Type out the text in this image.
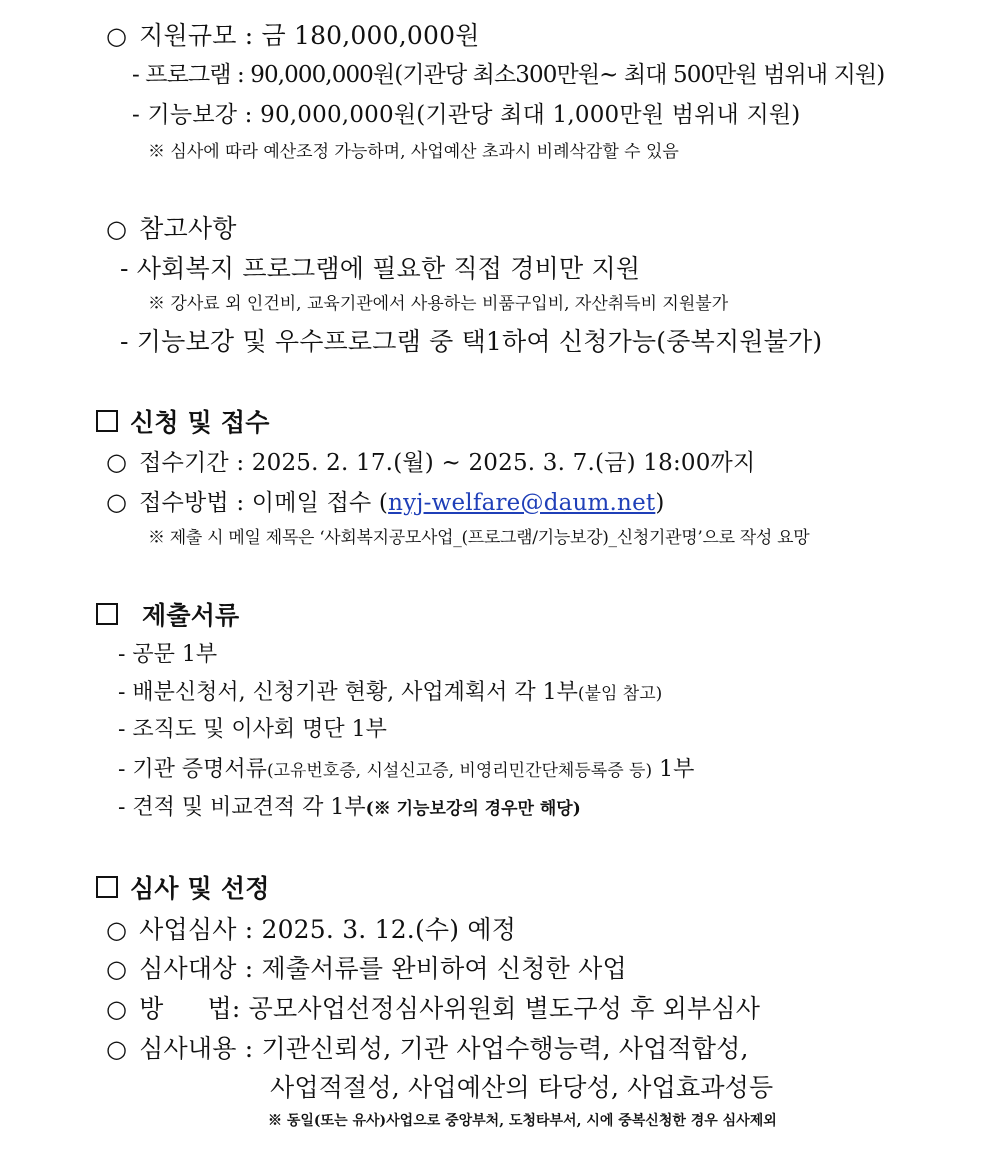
○ 지원규모 : 금 180,000,000원
- 프로그램 : 90,000,000원(기관당 최소300만원~ 최대 500만원 범위내 지원)
- 기능보강 : 90,000,000원(기관당 최대 1,000만원 범위내 지원)
※ 심사에 따라 예산조정 가능하며, 사업예산 초과시 비례삭감할 수 있음
○ 참고사항
- 사회복지 프로그램에 필요한 직접 경비만 지원
※ 강사료 외 인건비, 교육기관에서 사용하는 비품구입비, 자산취득비 지원불가
- 기능보강 및 우수프로그램 중 택1하여 신청가능(중복지원불가)
신청 및 접수
○ 접수기간 : 2025. 2. 17.(월) ~ 2025. 3. 7.(금) 18:00까지
○ 접수방법 : 이메일 접수 (nyj-welfare@daum.net)
※ 제출 시 메일 제목은 ‘사회복지공모사업_(프로그램/기능보강)_신청기관명’으로 작성 요망
제출서류
- 공문 1부
- 배분신청서, 신청기관 현황, 사업계획서 각 1부(붙임 참고)
- 조직도 및 이사회 명단 1부
- 기관 증명서류(고유번호증, 시설신고증, 비영리민간단체등록증 등) 1부
- 견적 및 비교견적 각 1부(※ 기능보강의 경우만 해당)
심사 및 선정
○ 사업심사 : 2025. 3. 12.(수) 예정
○ 심사대상 : 제출서류를 완비하여 신청한 사업
○ 방 법: 공모사업선정심사위원회 별도구성 후 외부심사
○ 심사내용 : 기관신뢰성, 기관 사업수행능력, 사업적합성,
사업적절성, 사업예산의 타당성, 사업효과성등
※ 동일(또는 유사)사업으로 중앙부처, 도청타부서, 시에 중복신청한 경우 심사제외
